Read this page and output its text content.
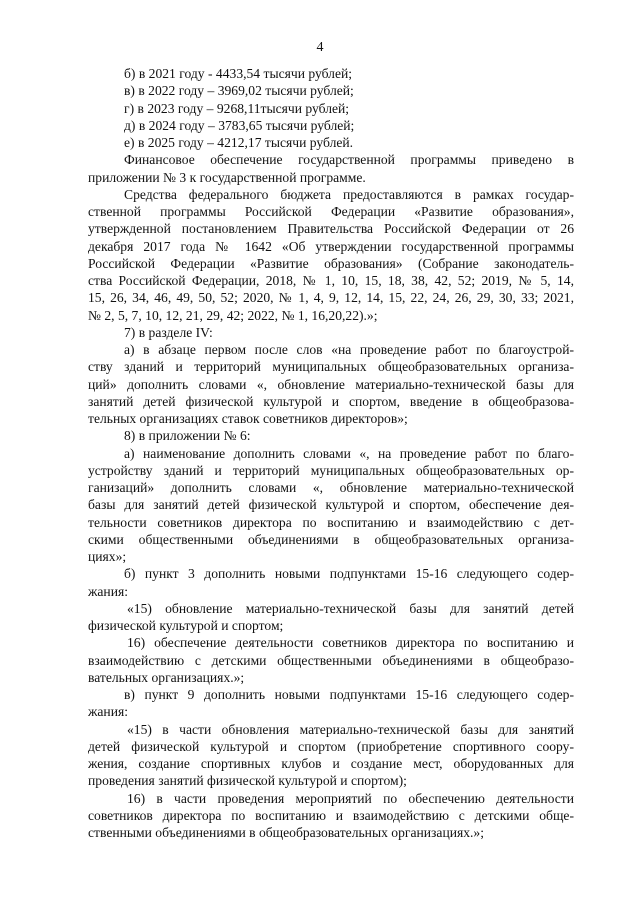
4
б) в 2021 году - 4433,54 тысячи рублей;
в) в 2022 году – 3969,02 тысячи рублей;
г) в 2023 году – 9268,11тысячи рублей;
д) в 2024 году – 3783,65 тысячи рублей;
е) в 2025 году – 4212,17 тысячи рублей.
Финансовое обеспечение государственной программы приведено в
приложении № 3 к государственной программе.
Средства федерального бюджета предоставляются в рамках государ-
ственной программы Российской Федерации «Развитие образования»,
утвержденной постановлением Правительства Российской Федерации от 26
декабря 2017 года № 1642 «Об утверждении государственной программы
Российской Федерации «Развитие образования» (Собрание законодатель-
ства Российской Федерации, 2018, № 1, 10, 15, 18, 38, 42, 52; 2019, № 5, 14,
15, 26, 34, 46, 49, 50, 52; 2020, № 1, 4, 9, 12, 14, 15, 22, 24, 26, 29, 30, 33; 2021,
№ 2, 5, 7, 10, 12, 21, 29, 42; 2022, № 1, 16,20,22).»;
7) в разделе IV:
а) в абзаце первом после слов «на проведение работ по благоустрой-
ству зданий и территорий муниципальных общеобразовательных организа-
ций» дополнить словами «, обновление материально-технической базы для
занятий детей физической культурой и спортом, введение в общеобразова-
тельных организациях ставок советников директоров»;
8) в приложении № 6:
а) наименование дополнить словами «, на проведение работ по благо-
устройству зданий и территорий муниципальных общеобразовательных ор-
ганизаций» дополнить словами «, обновление материально-технической
базы для занятий детей физической культурой и спортом, обеспечение дея-
тельности советников директора по воспитанию и взаимодействию с дет-
скими общественными объединениями в общеобразовательных организа-
циях»;
б) пункт 3 дополнить новыми подпунктами 15-16 следующего содер-
жания:
«15) обновление материально-технической базы для занятий детей
физической культурой и спортом;
16) обеспечение деятельности советников директора по воспитанию и
взаимодействию с детскими общественными объединениями в общеобразо-
вательных организациях.»;
в) пункт 9 дополнить новыми подпунктами 15-16 следующего содер-
жания:
«15) в части обновления материально-технической базы для занятий
детей физической культурой и спортом (приобретение спортивного соору-
жения, создание спортивных клубов и создание мест, оборудованных для
проведения занятий физической культурой и спортом);
16) в части проведения мероприятий по обеспечению деятельности
советников директора по воспитанию и взаимодействию с детскими обще-
ственными объединениями в общеобразовательных организациях.»;
